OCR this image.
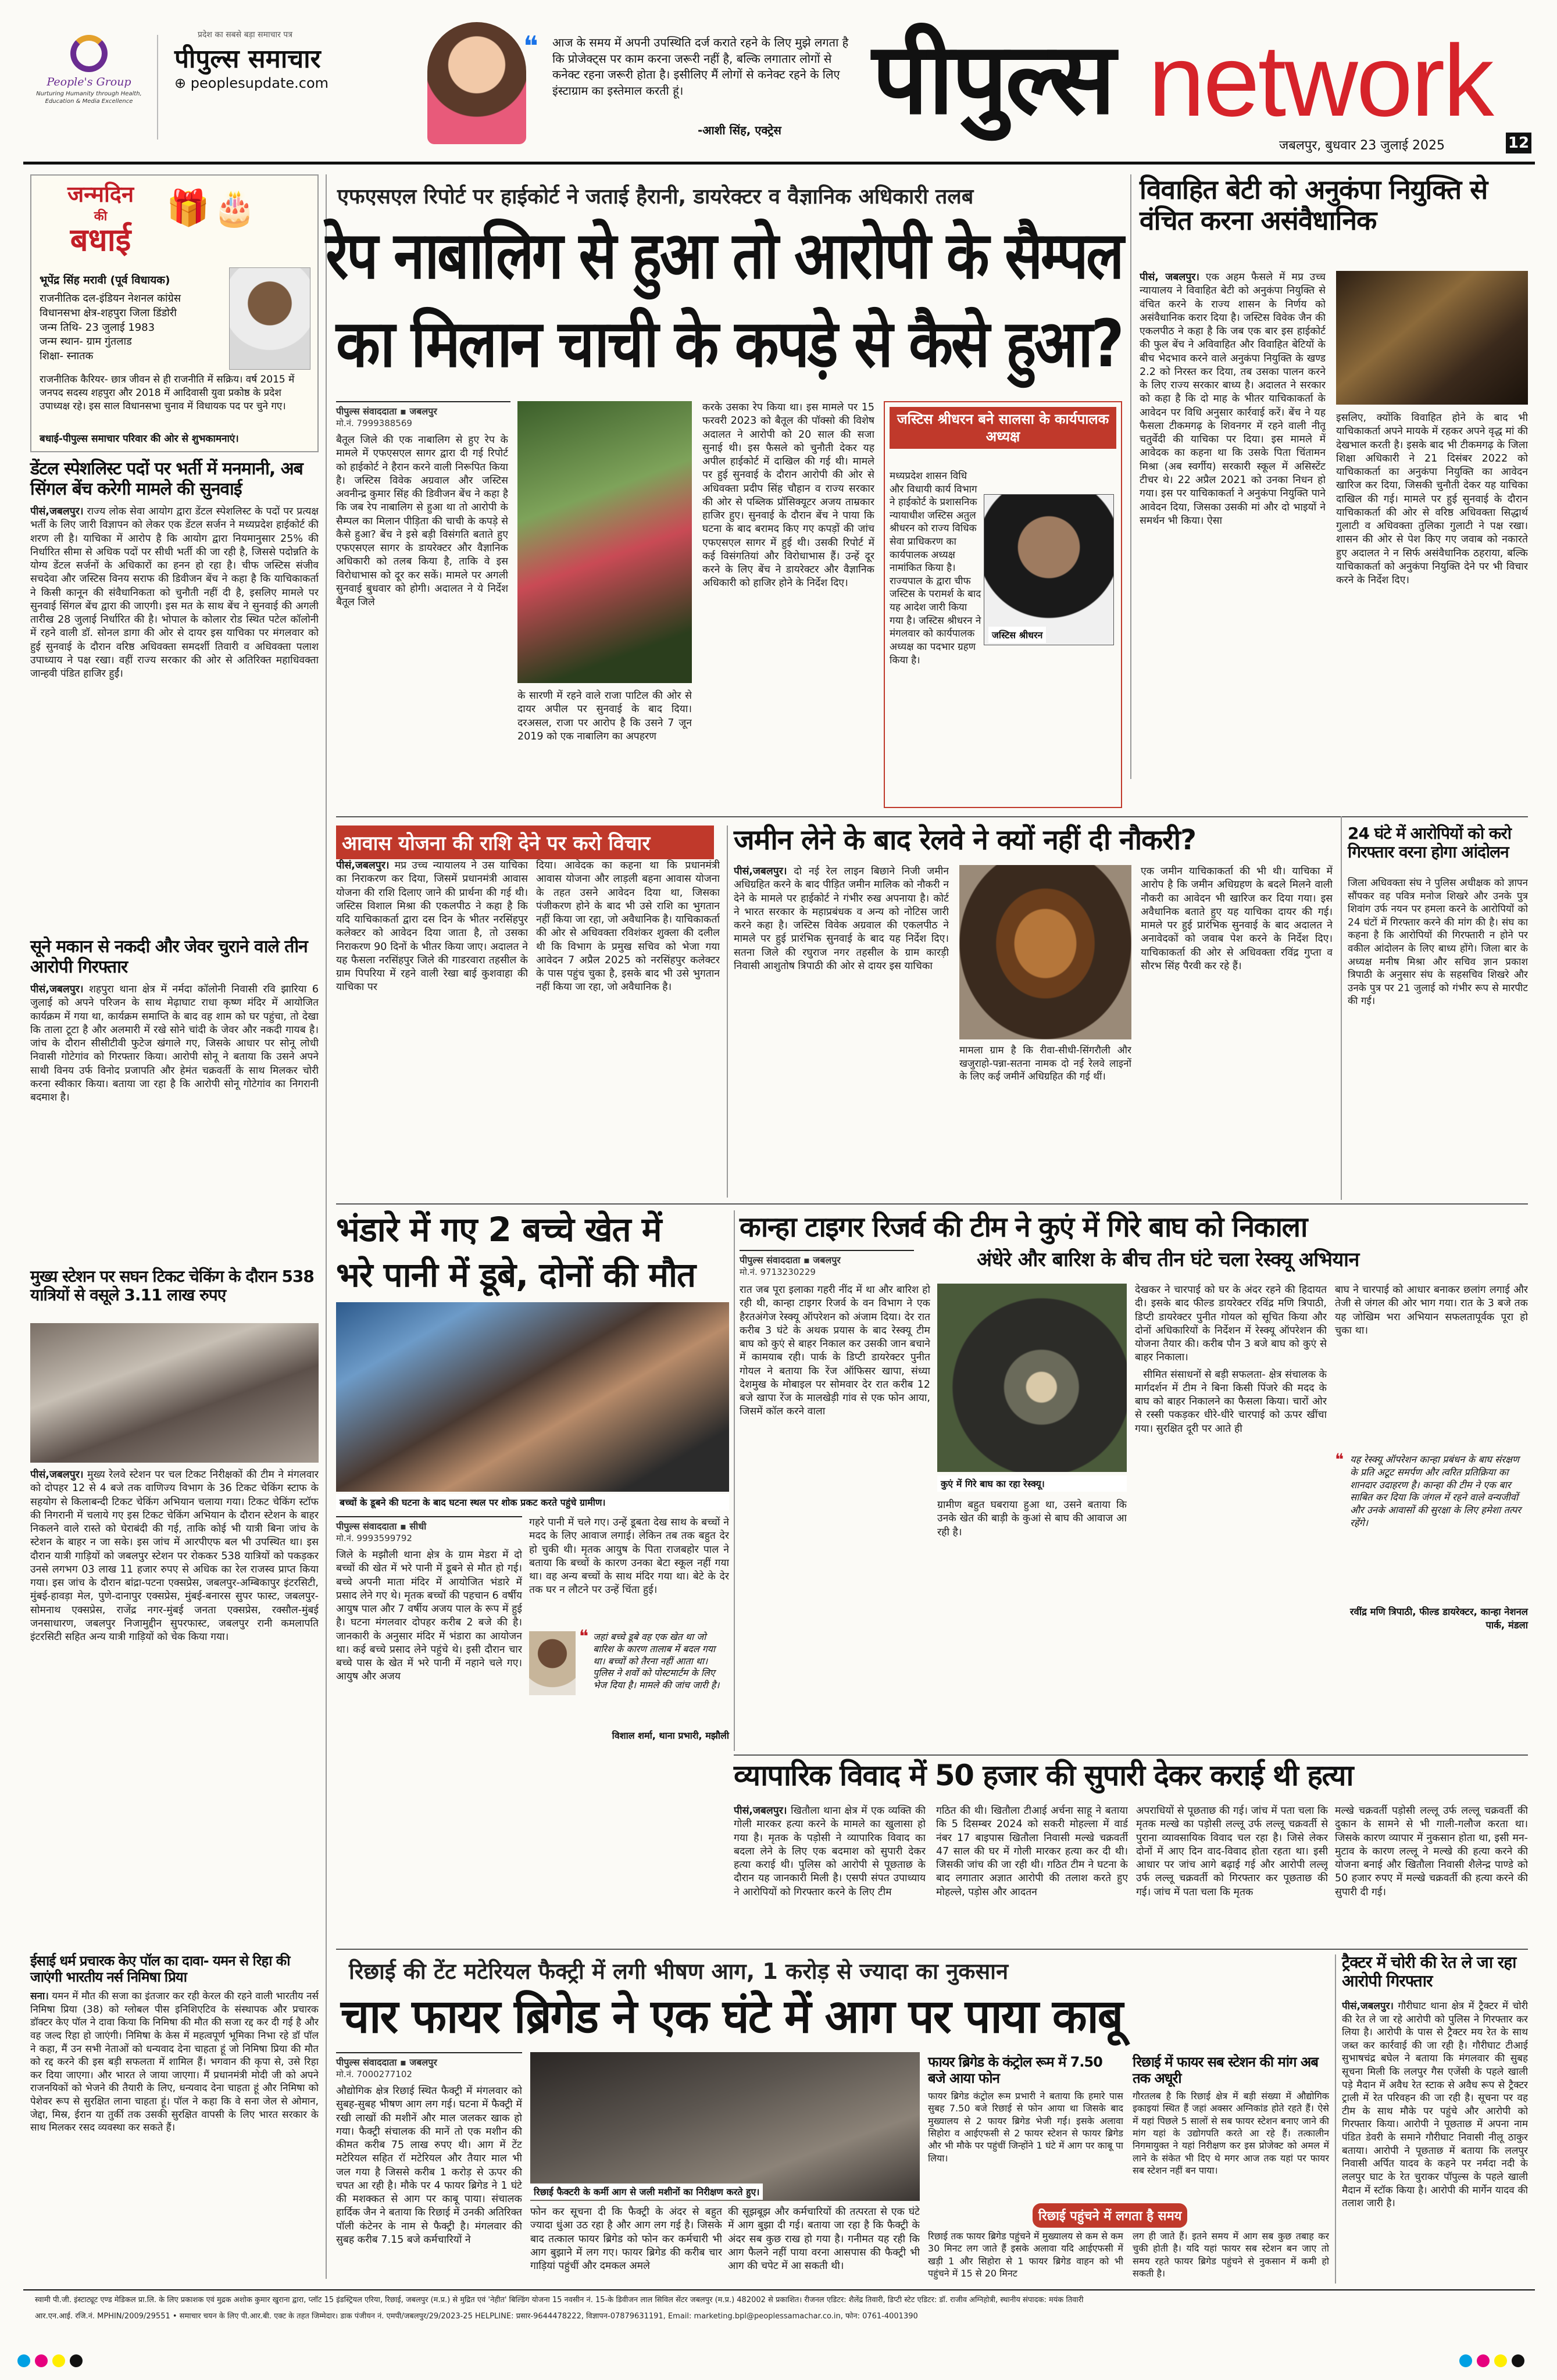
People's Group
Nurturing Humanity through Health, Education & Media Excellence
प्रदेश का सबसे बड़ा समाचार पत्र
पीपुल्स समाचार
⊕ peoplesupdate.com
❝ आज के समय में अपनी उपस्थिति दर्ज कराते रहने के लिए मुझे लगता है कि प्रोजेक्ट्स पर काम करना जरूरी नहीं है, बल्कि लगातार लोगों से कनेक्ट रहना जरूरी होता है। इसीलिए मैं लोगों से कनेक्ट रहने के लिए इंस्टाग्राम का इस्तेमाल करती हूं।
-आशी सिंह, एक्ट्रेस पीपुल्स network
जबलपुर, बुधवार 23 जुलाई 2025	12
जन्मदिन
की
बधाई
🎁 🎂
भूपेंद्र सिंह मरावी (पूर्व विधायक)
राजनीतिक दल-इंडियन नेशनल कांग्रेस
विधानसभा क्षेत्र-शहपुरा जिला डिंडोरी
जन्म तिथि- 23 जुलाई 1983
जन्म स्थान- ग्राम गुंतलाड
शिक्षा- स्नातक
राजनीतिक कैरियर- छात्र जीवन से ही राजनीति में सक्रिय। वर्ष 2015 में जनपद सदस्य शहपुरा और 2018 में आदिवासी युवा प्रकोष्ठ के प्रदेश उपाध्यक्ष रहे। इस साल विधानसभा चुनाव में विधायक पद पर चुने गए।
बधाई-पीपुल्स समाचार परिवार की ओर से शुभकामनाएं।
डेंटल स्पेशलिस्ट पदों पर भर्ती में मनमानी, अब सिंगल बेंच करेगी मामले की सुनवाई
पीसं,जबलपुर। राज्य लोक सेवा आयोग द्वारा डेंटल स्पेशलिस्ट के पदों पर प्रत्यक्ष भर्ती के लिए जारी विज्ञापन को लेकर एक डेंटल सर्जन ने मध्यप्रदेश हाईकोर्ट की शरण ली है। याचिका में आरोप है कि आयोग द्वारा नियमानुसार 25% की निर्धारित सीमा से अधिक पदों पर सीधी भर्ती की जा रही है, जिससे पदोन्नति के योग्य डेंटल सर्जनों के अधिकारों का हनन हो रहा है। चीफ जस्टिस संजीव सचदेवा और जस्टिस विनय सराफ की डिवीजन बेंच ने कहा है कि याचिकाकर्ता ने किसी कानून की संवैधानिकता को चुनौती नहीं दी है, इसलिए मामले पर सुनवाई सिंगल बेंच द्वारा की जाएगी। इस मत के साथ बेंच ने सुनवाई की अगली तारीख 28 जुलाई निर्धारित की है। भोपाल के कोलार रोड स्थित पटेल कॉलोनी में रहने वाली डॉ. सोनल डागा की ओर से दायर इस याचिका पर मंगलवार को हुई सुनवाई के दौरान वरिष्ठ अधिवक्ता समदर्शी तिवारी व अधिवक्ता पलाश उपाध्याय ने पक्ष रखा। वहीं राज्य सरकार की ओर से अतिरिक्त महाधिवक्ता जान्हवी पंडित हाजिर हुईं।
सूने मकान से नकदी और जेवर चुराने वाले तीन आरोपी गिरफ्तार
पीसं,जबलपुर। शहपुरा थाना क्षेत्र में नर्मदा कॉलोनी निवासी रवि झारिया 6 जुलाई को अपने परिजन के साथ मेढ़ाघाट राधा कृष्ण मंदिर में आयोजित कार्यक्रम में गया था, कार्यक्रम समाप्ति के बाद वह शाम को घर पहुंचा, तो देखा कि ताला टूटा है और अलमारी में रखे सोने चांदी के जेवर और नकदी गायब है। जांच के दौरान सीसीटीवी फुटेज खंगाले गए, जिसके आधार पर सोनू लोधी निवासी गोटेगांव को गिरफ्तार किया। आरोपी सोनू ने बताया कि उसने अपने साथी विनय उर्फ विनोद प्रजापति और हेमंत चक्रवर्ती के साथ मिलकर चोरी करना स्वीकार किया। बताया जा रहा है कि आरोपी सोनू गोटेगांव का निगरानी बदमाश है।
मुख्य स्टेशन पर सघन टिकट चेकिंग के दौरान 538 यात्रियों से वसूले 3.11 लाख रुपए
पीसं,जबलपुर। मुख्य रेलवे स्टेशन पर चल टिकट निरीक्षकों की टीम ने मंगलवार को दोपहर 12 से 4 बजे तक वाणिज्य विभाग के 36 टिकट चेकिंग स्टाफ के सहयोग से किलाबन्दी टिकट चेकिंग अभियान चलाया गया। टिकट चेकिंग स्टॉफ की निगरानी में चलाये गए इस टिकट चेकिंग अभियान के दौरान स्टेशन के बाहर निकलने वाले रास्ते को घेराबंदी की गई, ताकि कोई भी यात्री बिना जांच के स्टेशन के बाहर न जा सके। इस जांच में आरपीएफ बल भी उपस्थित था। इस दौरान यात्री गाड़ियों को जबलपुर स्टेशन पर रोककर 538 यात्रियों को पकड़कर उनसे लगभग 03 लाख 11 हजार रुपए से अधिक का रेल राजस्व प्राप्त किया गया। इस जांच के दौरान बांद्रा-पटना एक्सप्रेस, जबलपुर-अम्बिकापुर इंटरसिटी, मुंबई-हावड़ा मेल, पुणे-दानापुर एक्सप्रेस, मुंबई-बनारस सुपर फास्ट, जबलपुर-सोमनाथ एक्सप्रेस, राजेंद्र नगर-मुंबई जनता एक्सप्रेस, रक्सौल-मुंबई जनसाधारण, जबलपुर निजामुद्दीन सुपरफास्ट, जबलपुर रानी कमलापति इंटरसिटी सहित अन्य यात्री गाड़ियों को चेक किया गया।
ईसाई धर्म प्रचारक केए पॉल का दावा- यमन से रिहा की जाएंगी भारतीय नर्स निमिषा प्रिया
सना। यमन में मौत की सजा का इंतजार कर रही केरल की रहने वाली भारतीय नर्स निमिषा प्रिया (38) को ग्लोबल पीस इनिशिएटिव के संस्थापक और प्रचारक डॉक्टर केए पॉल ने दावा किया कि निमिषा की मौत की सजा रद्द कर दी गई है और वह जल्द रिहा हो जाएंगी। निमिषा के केस में महत्वपूर्ण भूमिका निभा रहे डॉ पॉल ने कहा, मैं उन सभी नेताओं को धन्यवाद देना चाहता हूं जो निमिषा प्रिया की मौत को रद्द करने की इस बड़ी सफलता में शामिल हैं। भगवान की कृपा से, उसे रिहा कर दिया जाएगा। और भारत ले जाया जाएगा। मैं प्रधानमंत्री मोदी जी को अपने राजनयिकों को भेजने की तैयारी के लिए, धन्यवाद देना चाहता हूं और निमिषा को पेशेवर रूप से सुरक्षित लाना चाहता हूं। पॉल ने कहा कि वे सना जेल से ओमान, जेद्दा, मिस्र, ईरान या तुर्की तक उसकी सुरक्षित वापसी के लिए भारत सरकार के साथ मिलकर रसद व्यवस्था कर सकते हैं।
एफएसएल रिपोर्ट पर हाईकोर्ट ने जताई हैरानी, डायरेक्टर व वैज्ञानिक अधिकारी तलब
रेप नाबालिग से हुआ तो आरोपी के सैम्पल
का मिलान चाची के कपड़े से कैसे हुआ?
पीपुल्स संवाददाता ▪ जबलपुर
मो.नं. 7999388569
बैतूल जिले की एक नाबालिग से हुए रेप के मामले में एफएसएल सागर द्वारा दी गई रिपोर्ट को हाईकोर्ट ने हैरान करने वाली निरूपित किया है। जस्टिस विवेक अग्रवाल और जस्टिस अवनीन्द्र कुमार सिंह की डिवीजन बेंच ने कहा है कि जब रेप नाबालिग से हुआ था तो आरोपी के सैम्पल का मिलान पीड़िता की चाची के कपड़े से कैसे हुआ? बेंच ने इसे बड़ी विसंगति बताते हुए एफएसएल सागर के डायरेक्टर और वैज्ञानिक अधिकारी को तलब किया है, ताकि वे इस विरोधाभास को दूर कर सकें। मामले पर अगली सुनवाई बुधवार को होगी। अदालत ने ये निर्देश बैतूल जिले
के सारणी में रहने वाले राजा पाटिल की ओर से दायर अपील पर सुनवाई के बाद दिया। दरअसल, राजा पर आरोप है कि उसने 7 जून 2019 को एक नाबालिग का अपहरण
करके उसका रेप किया था। इस मामले पर 15 फरवरी 2023 को बैतूल की पॉक्सो की विशेष अदालत ने आरोपी को 20 साल की सजा सुनाई थी। इस फैसले को चुनौती देकर यह अपील हाईकोर्ट में दाखिल की गई थी। मामले पर हुई सुनवाई के दौरान आरोपी की ओर से अधिवक्ता प्रदीप सिंह चौहान व राज्य सरकार की ओर से पब्लिक प्रॉसिक्यूटर अजय ताम्रकार हाजिर हुए। सुनवाई के दौरान बेंच ने पाया कि घटना के बाद बरामद किए गए कपड़ों की जांच एफएसएल सागर में हुई थी। उसकी रिपोर्ट में कई विसंगतियां और विरोधाभास हैं। उन्हें दूर करने के लिए बेंच ने डायरेक्टर और वैज्ञानिक अधिकारी को हाजिर होने के निर्देश दिए।
जस्टिस श्रीधरन बने सालसा के कार्यपालक अध्यक्ष
जस्टिस श्रीधरन
मध्यप्रदेश शासन विधि और विधायी कार्य विभाग ने हाईकोर्ट के प्रशासनिक न्यायाधीश जस्टिस अतुल श्रीधरन को राज्य विधिक सेवा प्राधिकरण का कार्यपालक अध्यक्ष नामांकित किया है। राज्यपाल के द्वारा चीफ जस्टिस के परामर्श के बाद यह आदेश जारी किया गया है। जस्टिस श्रीधरन ने मंगलवार को कार्यपालक अध्यक्ष का पदभार ग्रहण किया है।
विवाहित बेटी को अनुकंपा नियुक्ति से वंचित करना असंवैधानिक
पीसं, जबलपुर। एक अहम फैसले में मप्र उच्च न्यायालय ने विवाहित बेटी को अनुकंपा नियुक्ति से वंचित करने के राज्य शासन के निर्णय को असंवैधानिक करार दिया है। जस्टिस विवेक जैन की एकलपीठ ने कहा है कि जब एक बार इस हाईकोर्ट की फुल बेंच ने अविवाहित और विवाहित बेटियों के बीच भेदभाव करने वाले अनुकंपा नियुक्ति के खण्ड 2.2 को निरस्त कर दिया, तब उसका पालन करने के लिए राज्य सरकार बाध्य है। अदालत ने सरकार को कहा है कि दो माह के भीतर याचिकाकर्ता के आवेदन पर विधि अनुसार कार्रवाई करें। बेंच ने यह फैसला टीकमगढ़ के शिवनगर में रहने वाली नीतू चतुर्वेदी की याचिका पर दिया। इस मामले में आवेदक का कहना था कि उसके पिता चिंतामन मिश्रा (अब स्वर्गीय) सरकारी स्कूल में असिस्टेंट टीचर थे। 22 अप्रैल 2021 को उनका निधन हो गया। इस पर याचिकाकर्ता ने अनुकंपा नियुक्ति पाने आवेदन दिया, जिसका उसकी मां और दो भाइयों ने समर्थन भी किया। ऐसा
इसलिए, क्योंकि विवाहित होने के बाद भी याचिकाकर्ता अपने मायके में रहकर अपने वृद्ध मां की देखभाल करती है। इसके बाद भी टीकमगढ़ के जिला शिक्षा अधिकारी ने 21 दिसंबर 2022 को याचिकाकर्ता का अनुकंपा नियुक्ति का आवेदन खारिज कर दिया, जिसकी चुनौती देकर यह याचिका दाखिल की गई। मामले पर हुई सुनवाई के दौरान याचिकाकर्ता की ओर से वरिष्ठ अधिवक्ता सिद्धार्थ गुलाटी व अधिवक्ता तुलिका गुलाटी ने पक्ष रखा। शासन की ओर से पेश किए गए जवाब को नकारते हुए अदालत ने न सिर्फ असंवैधानिक ठहराया, बल्कि याचिकाकर्ता को अनुकंपा नियुक्ति देने पर भी विचार करने के निर्देश दिए।
आवास योजना की राशि देने पर करो विचार
पीसं,जबलपुर। मप्र उच्च न्यायालय ने उस याचिका का निराकरण कर दिया, जिसमें प्रधानमंत्री आवास योजना की राशि दिलाए जाने की प्रार्थना की गई थी। जस्टिस विशाल मिश्रा की एकलपीठ ने कहा है कि यदि याचिकाकर्ता द्वारा दस दिन के भीतर नरसिंहपुर कलेक्टर को आवेदन दिया जाता है, तो उसका निराकरण 90 दिनों के भीतर किया जाए। अदालत ने यह फैसला नरसिंहपुर जिले की गाडरवारा तहसील के ग्राम पिपरिया में रहने वाली रेखा बाई कुशवाहा की याचिका पर
दिया। आवेदक का कहना था कि प्रधानमंत्री आवास योजना और लाड़ली बहना आवास योजना के तहत उसने आवेदन दिया था, जिसका पंजीकरण होने के बाद भी उसे राशि का भुगतान नहीं किया जा रहा, जो अवैधानिक है। याचिकाकर्ता की ओर से अधिवक्ता रविशंकर शुक्ला की दलील थी कि विभाग के प्रमुख सचिव को भेजा गया आवेदन 7 अप्रैल 2025 को नरसिंहपुर कलेक्टर के पास पहुंच चुका है, इसके बाद भी उसे भुगतान नहीं किया जा रहा, जो अवैधानिक है।
जमीन लेने के बाद रेलवे ने क्यों नहीं दी नौकरी?
पीसं,जबलपुर। दो नई रेल लाइन बिछाने निजी जमीन अधिग्रहित करने के बाद पीड़ित जमीन मालिक को नौकरी न देने के मामले पर हाईकोर्ट ने गंभीर रुख अपनाया है। कोर्ट ने भारत सरकार के महाप्रबंधक व अन्य को नोटिस जारी करने कहा है। जस्टिस विवेक अग्रवाल की एकलपीठ ने मामले पर हुई प्रारंभिक सुनवाई के बाद यह निर्देश दिए। सतना जिले की रघुराज नगर तहसील के ग्राम कारड़ी निवासी आशुतोष त्रिपाठी की ओर से दायर इस याचिका
मामला ग्राम है कि रीवा-सीधी-सिंगरौली और खजुराहो-पन्ना-सतना नामक दो नई रेलवे लाइनों के लिए कई जमीनें अधिग्रहित की गई थीं।
एक जमीन याचिकाकर्ता की भी थी। याचिका में आरोप है कि जमीन अधिग्रहण के बदले मिलने वाली नौकरी का आवेदन भी खारिज कर दिया गया। इस अवैधानिक बताते हुए यह याचिका दायर की गई। मामले पर हुई प्रारंभिक सुनवाई के बाद अदालत ने अनावेदकों को जवाब पेश करने के निर्देश दिए। याचिकाकर्ता की ओर से अधिवक्ता रविंद्र गुप्ता व सौरभ सिंह पैरवी कर रहे हैं।
24 घंटे में आरोपियों को करो गिरफ्तार वरना होगा आंदोलन
जिला अधिवक्ता संघ ने पुलिस अधीक्षक को ज्ञापन सौंपकर वह पवित्र मनोज शिखरे और उनके पुत्र शिवांग उर्फ नयन पर हमला करने के आरोपियों को 24 घंटों में गिरफ्तार करने की मांग की है। संघ का कहना है कि आरोपियों की गिरफ्तारी न होने पर वकील आंदोलन के लिए बाध्य होंगे। जिला बार के अध्यक्ष मनीष मिश्रा और सचिव ज्ञान प्रकाश त्रिपाठी के अनुसार संघ के सहसचिव शिखरे और उनके पुत्र पर 21 जुलाई को गंभीर रूप से मारपीट की गई।
भंडारे में गए 2 बच्चे खेत में
भरे पानी में डूबे, दोनों की मौत
बच्चों के डूबने की घटना के बाद घटना स्थल पर शोक प्रकट करते पहुंचे ग्रामीण।
पीपुल्स संवाददाता ▪ सीधी
मो.नं. 9993599792
जिले के मझौली थाना क्षेत्र के ग्राम मेडरा में दो बच्चों की खेत में भरे पानी में डूबने से मौत हो गई। बच्चे अपनी माता मंदिर में आयोजित भंडारे में प्रसाद लेने गए थे। मृतक बच्चों की पहचान 6 वर्षीय आयुष पाल और 7 वर्षीय अजय पाल के रूप में हुई है। घटना मंगलवार दोपहर करीब 2 बजे की है। जानकारी के अनुसार मंदिर में भंडारा का आयोजन था। कई बच्चे प्रसाद लेने पहुंचे थे। इसी दौरान चार बच्चे पास के खेत में भरे पानी में नहाने चले गए। आयुष और अजय
गहरे पानी में चले गए। उन्हें डूबता देख साथ के बच्चों ने मदद के लिए आवाज लगाई। लेकिन तब तक बहुत देर हो चुकी थी। मृतक आयुष के पिता राजबहोर पाल ने बताया कि बच्चों के कारण उनका बेटा स्कूल नहीं गया था। वह अन्य बच्चों के साथ मंदिर गया था। बेटे के देर तक घर न लौटने पर उन्हें चिंता हुई।
❝ जहां बच्चे डूबे वह एक खेत था जो बारिश के कारण तालाब में बदल गया था। बच्चों को तैरना नहीं आता था। पुलिस ने शवों को पोस्टमार्टम के लिए भेज दिया है। मामले की जांच जारी है।
विशाल शर्मा, थाना प्रभारी, मझौली
कान्हा टाइगर रिजर्व की टीम ने कुएं में गिरे बाघ को निकाला
पीपुल्स संवाददाता ▪ जबलपुर
मो.नं. 9713230229
अंधेरे और बारिश के बीच तीन घंटे चला रेस्क्यू अभियान
रात जब पूरा इलाका गहरी नींद में था और बारिश हो रही थी, कान्हा टाइगर रिजर्व के वन विभाग ने एक हैरतअंगेज रेस्क्यू ऑपरेशन को अंजाम दिया। देर रात करीब 3 घंटे के अथक प्रयास के बाद रेस्क्यू टीम बाघ को कुएं से बाहर निकाल कर उसकी जान बचाने में कामयाब रही। पार्क के डिप्टी डायरेक्टर पुनीत गोयल ने बताया कि रेंज ऑफिसर खापा, संध्या देशमुख के मोबाइल पर सोमवार देर रात करीब 12 बजे खापा रेंज के मालखेड़ी गांव से एक फोन आया, जिसमें कॉल करने वाला
कुएं में गिरे बाघ का रहा रेस्क्यू।
ग्रामीण बहुत घबराया हुआ था, उसने बताया कि उनके खेत की बाड़ी के कुआं से बाघ की आवाज आ रही है।
देखकर ने चारपाई को घर के अंदर रहने की हिदायत दी। इसके बाद फील्ड डायरेक्टर रविंद्र मणि त्रिपाठी, डिप्टी डायरेक्टर पुनीत गोयल को सूचित किया और दोनों अधिकारियों के निर्देशन में रेस्क्यू ऑपरेशन की योजना तैयार की। करीब पौन 3 बजे बाघ को कुएं से बाहर निकाला।

सीमित संसाधनों से बड़ी सफलता- क्षेत्र संचालक के मार्गदर्शन में टीम ने बिना किसी पिंजरे की मदद के बाघ को बाहर निकालने का फैसला किया। चारों ओर से रस्सी पकड़कर धीरे-धीरे चारपाई को ऊपर खींचा गया। सुरक्षित दूरी पर आते ही

बाघ ने चारपाई को आधार बनाकर छलांग लगाई और तेजी से जंगल की ओर भाग गया। रात के 3 बजे तक यह जोखिम भरा अभियान सफलतापूर्वक पूरा हो चुका था।
❝ यह रेस्क्यू ऑपरेशन कान्हा प्रबंधन के बाघ संरक्षण के प्रति अटूट समर्पण और त्वरित प्रतिक्रिया का शानदार उदाहरण है। कान्हा की टीम ने एक बार साबित कर दिया कि जंगल में रहने वाले वन्यजीवों और उनके आवासों की सुरक्षा के लिए हमेशा तत्पर रहेंगे।
रवींद्र मणि त्रिपाठी, फील्ड डायरेक्टर, कान्हा नेशनल पार्क, मंडला
व्यापारिक विवाद में 50 हजार की सुपारी देकर कराई थी हत्या
पीसं,जबलपुर। खितौला थाना क्षेत्र में एक व्यक्ति की गोली मारकर हत्या करने के मामले का खुलासा हो गया है। मृतक के पड़ोसी ने व्यापारिक विवाद का बदला लेने के लिए एक बदमाश को सुपारी देकर हत्या कराई थी। पुलिस को आरोपी से पूछताछ के दौरान यह जानकारी मिली है। एसपी संपत उपाध्याय ने आरोपियों को गिरफ्तार करने के लिए टीम
गठित की थी। खितौला टीआई अर्चना साहू ने बताया कि 5 दिसम्बर 2024 को सकरी मोहल्ला में वार्ड नंबर 17 बाइपास खितौला निवासी मल्खे चक्रवर्ती 47 साल की घर में गोली मारकर हत्या कर दी थी। जिसकी जांच की जा रही थी। गठित टीम ने घटना के बाद लगातार अज्ञात आरोपी की तलाश करते हुए मोहल्ले, पड़ोस और आदतन
अपराधियों से पूछताछ की गई। जांच में पता चला कि मृतक मल्खे का पड़ोसी लल्लू उर्फ लल्लू चक्रवर्ती से पुराना व्यावसायिक विवाद चल रहा है। जिसे लेकर दोनों में आए दिन वाद-विवाद होता रहता था। इसी आधार पर जांच आगे बढ़ाई गई और आरोपी लल्लू उर्फ लल्लू चक्रवर्ती को गिरफ्तार कर पूछताछ की गई। जांच में पता चला कि मृतक
मल्खे चक्रवर्ती पड़ोसी लल्लू उर्फ लल्लू चक्रवर्ती की दुकान के सामने से भी गाली-गलौज करता था। जिसके कारण व्यापार में नुकसान होता था, इसी मन-मुटाव के कारण लल्लू ने मल्खे की हत्या करने की योजना बनाई और खितौला निवासी शैलेन्द्र पाण्डे को 50 हजार रुपए में मल्खे चक्रवर्ती की हत्या करने की सुपारी दी गई।
रिछाई की टेंट मटेरियल फैक्ट्री में लगी भीषण आग, 1 करोड़ से ज्यादा का नुकसान
चार फायर ब्रिगेड ने एक घंटे में आग पर पाया काबू
पीपुल्स संवाददाता ▪ जबलपुर
मो.नं. 7000277102
औद्योगिक क्षेत्र रिछाई स्थित फैक्ट्री में मंगलवार को सुबह-सुबह भीषण आग लग गई। घटना में फैक्ट्री में रखी लाखों की मशीनें और माल जलकर खाक हो गया। फैक्ट्री संचालक की मानें तो एक मशीन की कीमत करीब 75 लाख रुपए थी। आग में टेंट मटेरियल सहित रॉ मटेरियल और तैयार माल भी जल गया है जिससे करीब 1 करोड़ से ऊपर की चपत आ रही है। मौके पर 4 फायर ब्रिगेड ने 1 घंटे की मशक्कत से आग पर काबू पाया। संचालक हार्दिक जैन ने बताया कि रिछाई में उनकी अतिरिक्त पॉली कंटेनर के नाम से फैक्ट्री है। मंगलवार की सुबह करीब 7.15 बजे कर्मचारियों ने
रिछाई फैक्टरी के कर्मी आग से जली मशीनों का निरीक्षण करते हुए।
फोन कर सूचना दी कि फैक्ट्री के अंदर से बहुत ज्यादा धुंआ उठ रहा है और आग लग गई है। जिसके बाद तत्काल फायर ब्रिगेड को फोन कर कर्मचारी भी आग बुझाने में लग गए। फायर ब्रिगेड की करीब चार गाड़ियां पहुंचीं और दमकल अमले
की सूझबूझ और कर्मचारियों की तत्परता से एक घंटे में आग बुझा दी गई। बताया जा रहा है कि फैक्ट्री के अंदर सब कुछ राख हो गया है। गनीमत यह रही कि आग फैलने नहीं पाया वरना आसपास की फैक्ट्री भी आग की चपेट में आ सकती थी।
फायर ब्रिगेड के कंट्रोल रूम में 7.50 बजे आया फोन
फायर ब्रिगेड कंट्रोल रूम प्रभारी ने बताया कि हमारे पास सुबह 7.50 बजे रिछाई से फोन आया था जिसके बाद मुख्यालय से 2 फायर ब्रिगेड भेजी गई। इसके अलावा सिहोरा व आईएफसी से 2 फायर स्टेशन से फायर ब्रिगेड और भी मौके पर पहुंचीं जिन्होंने 1 घंटे में आग पर काबू पा लिया।
रिछाई में फायर सब स्टेशन की मांग अब तक अधूरी
गौरतलब है कि रिछाई क्षेत्र में बड़ी संख्या में औद्योगिक इकाइयां स्थित हैं जहां अक्सर अग्निकांड होते रहते हैं। ऐसे में यहां पिछले 5 सालों से सब फायर स्टेशन बनाए जाने की मांग यहां के उद्योगपति करते आ रहे हैं। तत्कालीन निगमायुक्त ने यहां निरीक्षण कर इस प्रोजेक्ट को अमल में लाने के संकेत भी दिए थे मगर आज तक यहां पर फायर सब स्टेशन नहीं बन पाया।
रिछाई पहुंचने में लगता है समय
रिछाई तक फायर ब्रिगेड पहुंचने में मुख्यालय से कम से कम 30 मिनट लग जाते हैं इसके अलावा यदि आईएफसी में खड़ी 1 और सिहोरा से 1 फायर ब्रिगेड वाहन को भी पहुंचने में 15 से 20 मिनट
लग ही जाते हैं। इतने समय में आग सब कुछ तबाह कर चुकी होती है। यदि यहां फायर सब स्टेशन बन जाए तो समय रहते फायर ब्रिगेड पहुंचने से नुकसान में कमी हो सकती है।
ट्रैक्टर में चोरी की रेत ले जा रहा आरोपी गिरफ्तार
पीसं,जबलपुर। गौरीघाट थाना क्षेत्र में ट्रैक्टर में चोरी की रेत ले जा रहे आरोपी को पुलिस ने गिरफ्तार कर लिया है। आरोपी के पास से ट्रैक्टर मय रेत के साथ जब्त कर कार्रवाई की जा रही है। गौरीघाट टीआई सुभाषचंद्र बघेल ने बताया कि मंगलवार की सुबह सूचना मिली कि ललपुर गैस एजेंसी के पहले खाली पड़े मैदान में अवैध रेत स्टाक से अवैध रूप से ट्रैक्टर ट्राली में रेत परिवहन की जा रही है। सूचना पर वह टीम के साथ मौके पर पहुंचे और आरोपी को गिरफ्तार किया। आरोपी ने पूछताछ में अपना नाम पंडित डेवरी के समाने गौरीघाट निवासी नीलू ठाकुर बताया। आरोपी ने पूछताछ में बताया कि ललपुर निवासी अर्पित यादव के कहने पर नर्मदा नदी के ललपुर घाट के रेत चुराकर पॉपुल्स के पहले खाली मैदान में स्टॉक किया है। आरोपी की मार्गेन यादव की तलाश जारी है।
स्वामी पी.जी. इंस्टाट्यूट एण्ड मेडिकल प्रा.लि. के लिए प्रकाशक एवं मुद्रक अशोक कुमार खुराना द्वारा, प्लॉट 15 इंडस्ट्रियल एरिया, रिछाई, जबलपुर (म.प्र.) से मुद्रित एवं 'नेहीत' बिल्डिंग योजना 15 नवसीन नं. 15-के डिवीजन लाल सिविल सेंटर जबलपुर (म.प्र.) 482002 से प्रकाशित। रीजनल एडिटर: शैलेंद्र तिवारी, डिप्टी स्टेट एडिटर: डॉ. राजीव अग्निहोत्री, स्थानीय संपादक: मयंक तिवारी
आर.एन.आई. रजि.नं. MPHIN/2009/29551 • समाचार चयन के लिए पी.आर.बी. एक्ट के तहत जिम्मेदार। डाक पंजीयन नं. एमपी/जबलपुर/29/2023-25 HELPLINE: प्रसार-9644478222, विज्ञापन-07879631191, Email: marketing.bpl@peoplessamachar.co.in, फोन: 0761-4001390
